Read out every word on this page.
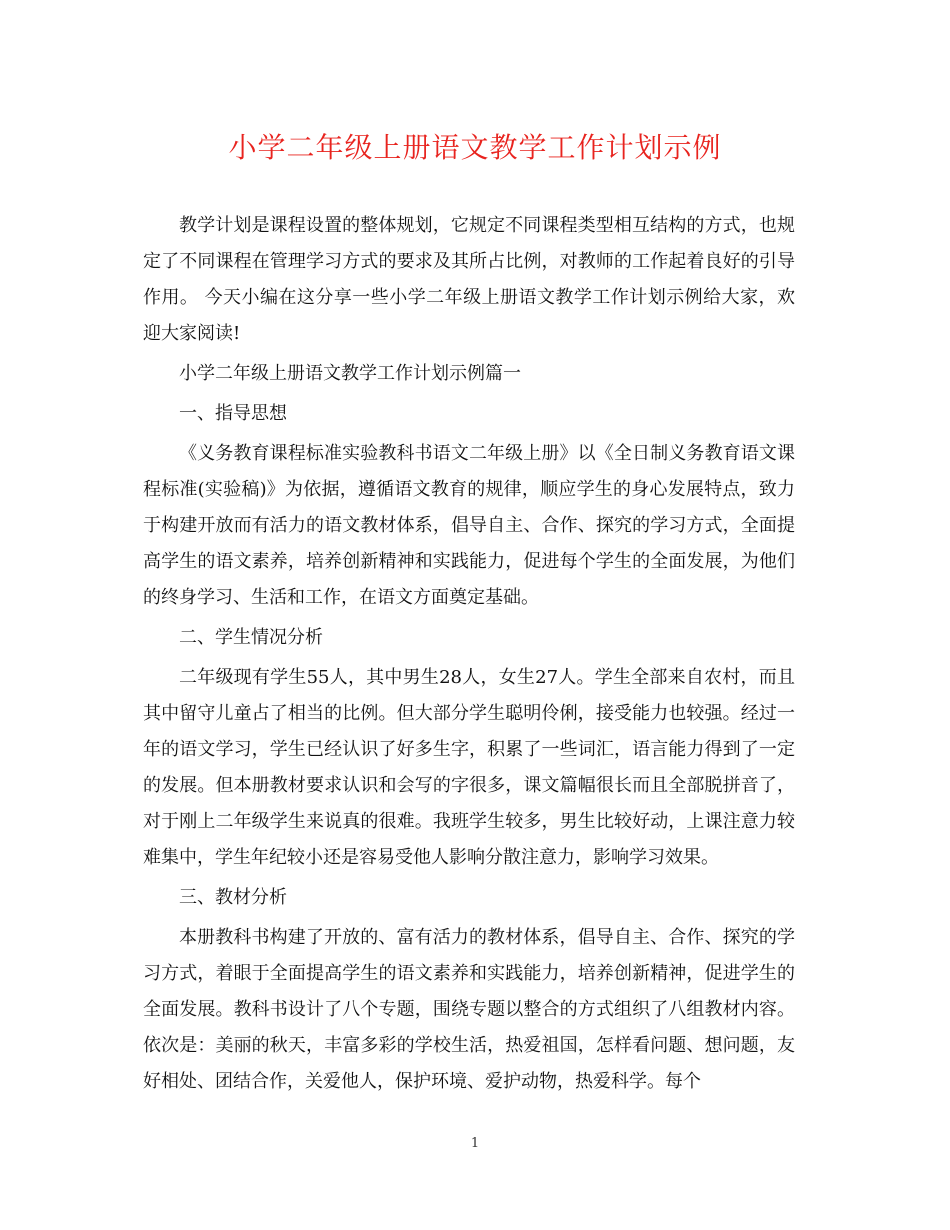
小学二年级上册语文教学工作计划示例

教学计划是课程设置的整体规划，它规定不同课程类型相互结构的方式，也规定了不同课程在管理学习方式的要求及其所占比例，对教师的工作起着良好的引导作用。 今天小编在这分享一些小学二年级上册语文教学工作计划示例给大家，欢迎大家阅读!

小学二年级上册语文教学工作计划示例篇一

一、指导思想

《义务教育课程标准实验教科书语文二年级上册》以《全日制义务教育语文课程标准(实验稿)》为依据，遵循语文教育的规律，顺应学生的身心发展特点，致力于构建开放而有活力的语文教材体系，倡导自主、合作、探究的学习方式，全面提高学生的语文素养，培养创新精神和实践能力，促进每个学生的全面发展，为他们的终身学习、生活和工作，在语文方面奠定基础。

二、学生情况分析

二年级现有学生55人，其中男生28人，女生27人。学生全部来自农村，而且其中留守儿童占了相当的比例。但大部分学生聪明伶俐，接受能力也较强。经过一年的语文学习，学生已经认识了好多生字，积累了一些词汇，语言能力得到了一定的发展。但本册教材要求认识和会写的字很多，课文篇幅很长而且全部脱拼音了，对于刚上二年级学生来说真的很难。我班学生较多，男生比较好动，上课注意力较难集中，学生年纪较小还是容易受他人影响分散注意力，影响学习效果。

三、教材分析

本册教科书构建了开放的、富有活力的教材体系，倡导自主、合作、探究的学习方式，着眼于全面提高学生的语文素养和实践能力，培养创新精神，促进学生的全面发展。教科书设计了八个专题，围绕专题以整合的方式组织了八组教材内容。依次是：美丽的秋天，丰富多彩的学校生活，热爱祖国，怎样看问题、想问题，友好相处、团结合作，关爱他人，保护环境、爱护动物，热爱科学。每个

1
